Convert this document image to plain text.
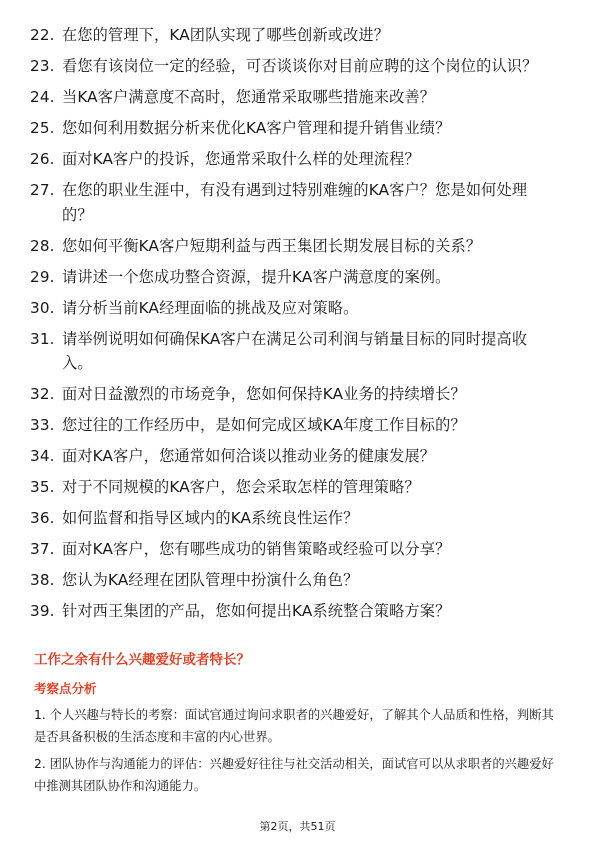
22. 在您的管理下，KA团队实现了哪些创新或改进？
23. 看您有该岗位一定的经验，可否谈谈你对目前应聘的这个岗位的认识？
24. 当KA客户满意度不高时，您通常采取哪些措施来改善？
25. 您如何利用数据分析来优化KA客户管理和提升销售业绩？
26. 面对KA客户的投诉，您通常采取什么样的处理流程？
27. 在您的职业生涯中，有没有遇到过特别难缠的KA客户？您是如何处理的？
28. 您如何平衡KA客户短期利益与西王集团长期发展目标的关系？
29. 请讲述一个您成功整合资源，提升KA客户满意度的案例。
30. 请分析当前KA经理面临的挑战及应对策略。
31. 请举例说明如何确保KA客户在满足公司利润与销量目标的同时提高收入。
32. 面对日益激烈的市场竞争，您如何保持KA业务的持续增长？
33. 您过往的工作经历中，是如何完成区域KA年度工作目标的？
34. 面对KA客户，您通常如何洽谈以推动业务的健康发展？
35. 对于不同规模的KA客户，您会采取怎样的管理策略？
36. 如何监督和指导区域内的KA系统良性运作？
37. 面对KA客户，您有哪些成功的销售策略或经验可以分享？
38. 您认为KA经理在团队管理中扮演什么角色？
39. 针对西王集团的产品，您如何提出KA系统整合策略方案？
工作之余有什么兴趣爱好或者特长？
考察点分析
1. 个人兴趣与特长的考察：面试官通过询问求职者的兴趣爱好，了解其个人品质和性格，判断其是否具备积极的生活态度和丰富的内心世界。
2. 团队协作与沟通能力的评估：兴趣爱好往往与社交活动相关，面试官可以从求职者的兴趣爱好中推测其团队协作和沟通能力。
第2页，共51页
